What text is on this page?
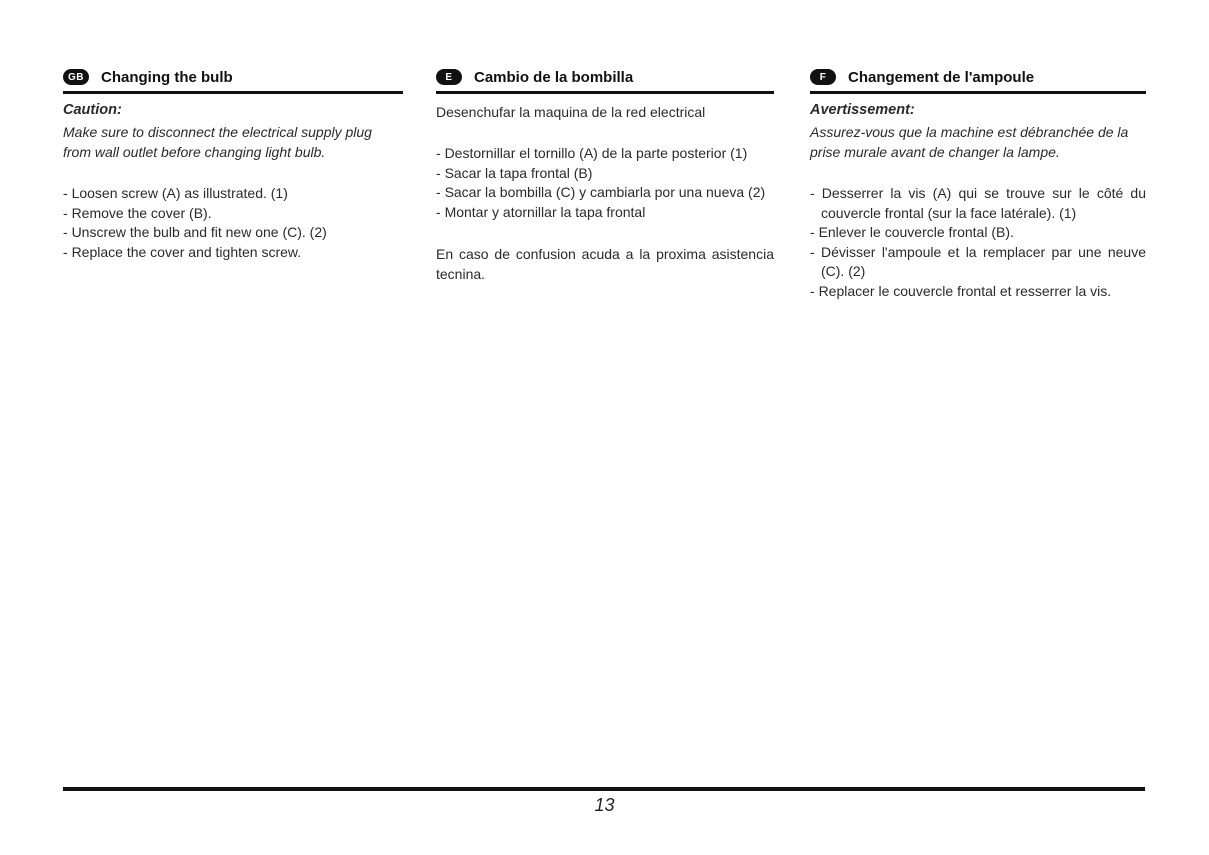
GB	Changing the bulb

Caution:

Make sure to disconnect the electrical supply plug from wall outlet before changing light bulb.

- Loosen screw (A) as illustrated. (1)
- Remove the cover (B).
- Unscrew the bulb and fit new one (C). (2)
- Replace the cover and tighten screw.
E	Cambio de la bombilla

Desenchufar la maquina de la red electrical

- Destornillar el tornillo (A) de la parte posterior (1)
- Sacar la tapa frontal (B)
- Sacar la bombilla (C) y cambiarla por una nueva (2)
- Montar y atornillar la tapa frontal

En caso de confusion acuda a la proxima asistencia tecnina.

F	Changement de l'ampoule

Avertissement:

Assurez-vous que la machine est débranchée de la prise murale avant de changer la lampe.

- Desserrer la vis (A) qui se trouve sur le côté du couvercle frontal (sur la face latérale). (1)
- Enlever le couvercle frontal (B).
- Dévisser l'ampoule et la remplacer par une neuve (C). (2)
- Replacer le couvercle frontal et resserrer la vis.
13
